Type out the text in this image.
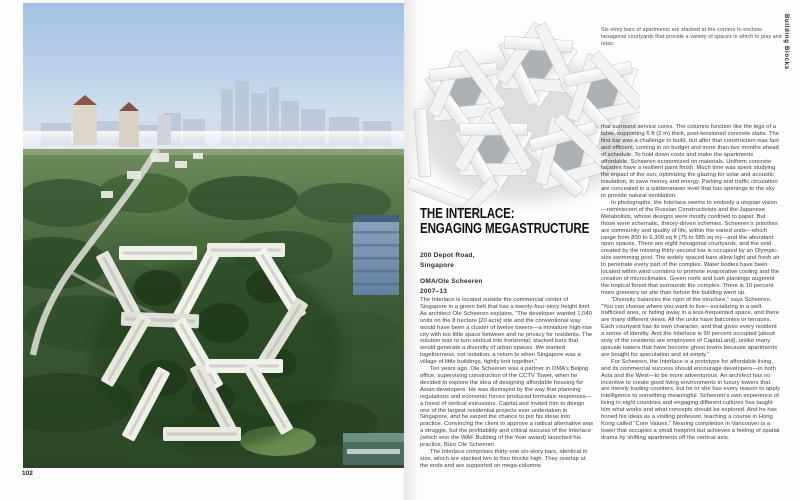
102
Six-story bars of apartments are stacked at the corners to enclose hexagonal courtyards that provide a variety of spaces in which to play and relax.	Building Blocks
THE INTERLACE:
ENGAGING MEGASTRUCTURE
200 Depot Road,
Singapore
OMA/Ole Scheeren
2007–13

The Interlace is located outside the commercial center of Singapore in a green belt that has a twenty-four-story height limit. As architect Ole Scheeren explains, “The developer wanted 1,040 units on the 8 hectare [20 acre] site and the conventional way would have been a cluster of twelve towers—a miniature high-rise city with too little space between and no privacy for residents. The solution was to turn vertical into horizontal; stacked bars that would generate a diversity of urban spaces. We wanted togetherness, not isolation; a return to when Singapore was a village of little buildings, tightly knit together.”

Ten years ago, Ole Scheeren was a partner in OMA’s Beijing office, supervising construction of the CCTV Tower, when he decided to explore the idea of designing affordable housing for Asian developers. He was dismayed by the way that planning regulations and economic forces produced formulaic responses—a forest of vertical extrusions. CapitaLand invited him to design one of the largest residential projects ever undertaken in Singapore, and he seized the chance to put his ideas into practice. Convincing the client to approve a radical alternative was a struggle, but the profitability and critical success of the Interlace (which won the WAF Building of the Year award) launched his practice, Büro Ole Scheeren.

The Interlace comprises thirty-one six-story bars, identical in size, which are stacked two to four blocks high. They overlap at the ends and are supported on mega-columns

that surround service cores. The columns function like the legs of a table, supporting 6 ft (2 m) thick, post-tensioned concrete slabs. The first bar was a challenge to build, but after that construction was fast and efficient, coming in on budget and more than two months ahead of schedule. To hold down costs and make the apartments affordable, Scheeren economized on materials. Uniform concrete façades have a resilient paint finish. Much time was spent studying the impact of the sun, optimizing the glazing for solar and acoustic insulation, to save money and energy. Parking and traffic circulation are concealed in a subterranean level that has openings to the sky to provide natural ventilation.

In photographs, the Interlace seems to embody a utopian vision—reminiscent of the Russian Constructivists and the Japanese Metabolists, whose designs were mostly confined to paper. But those were schematic, theory-driven schemes. Scheeren’s priorities are community and quality of life, within the varied units—which range from 800 to 6,300 sq ft (75 to 585 sq m)—and the abundant open spaces. There are eight hexagonal courtyards, and the void created by the missing thirty-second bar is occupied by an Olympic-size swimming pool. The widely spaced bars allow light and fresh air to penetrate every part of the complex. Water bodies have been located within wind corridors to promote evaporative cooling and the creation of microclimates. Green roofs and lush plantings augment the tropical forest that surrounds the complex. There is 10 percent more greenery on site than before the building went up.

“Diversity balances the rigor of the structure,” says Scheeren. “You can choose where you want to live—socializing in a well-trafficked area, or hiding away in a less-frequented space, and there are many different views. All the units have balconies or terraces. Each courtyard has its own character, and that gives every resident a sense of identity. And the Interlace is 90 percent occupied [about sixty of the residents are employees of CapitaLand], unlike many upscale towers that have become ghost towns because apartments are bought for speculation and sit empty.”

For Scheeren, the Interlace is a prototype for affordable living, and its commercial success should encourage developers—in both Asia and the West—to be more adventurous. An architect has no incentive to create good living environments in luxury towers that are merely trading counters, but he or she has every reason to apply intelligence to something meaningful. Scheeren’s own experience of living in eight countries and engaging different cultures has taught him what works and what concepts should be explored. And he has honed his ideas as a visiting professor, teaching a course in Hong Kong called “Core Values.” Nearing completion in Vancouver is a tower that occupies a small footprint but achieves a feeling of spatial drama by shifting apartments off the vertical axis.
